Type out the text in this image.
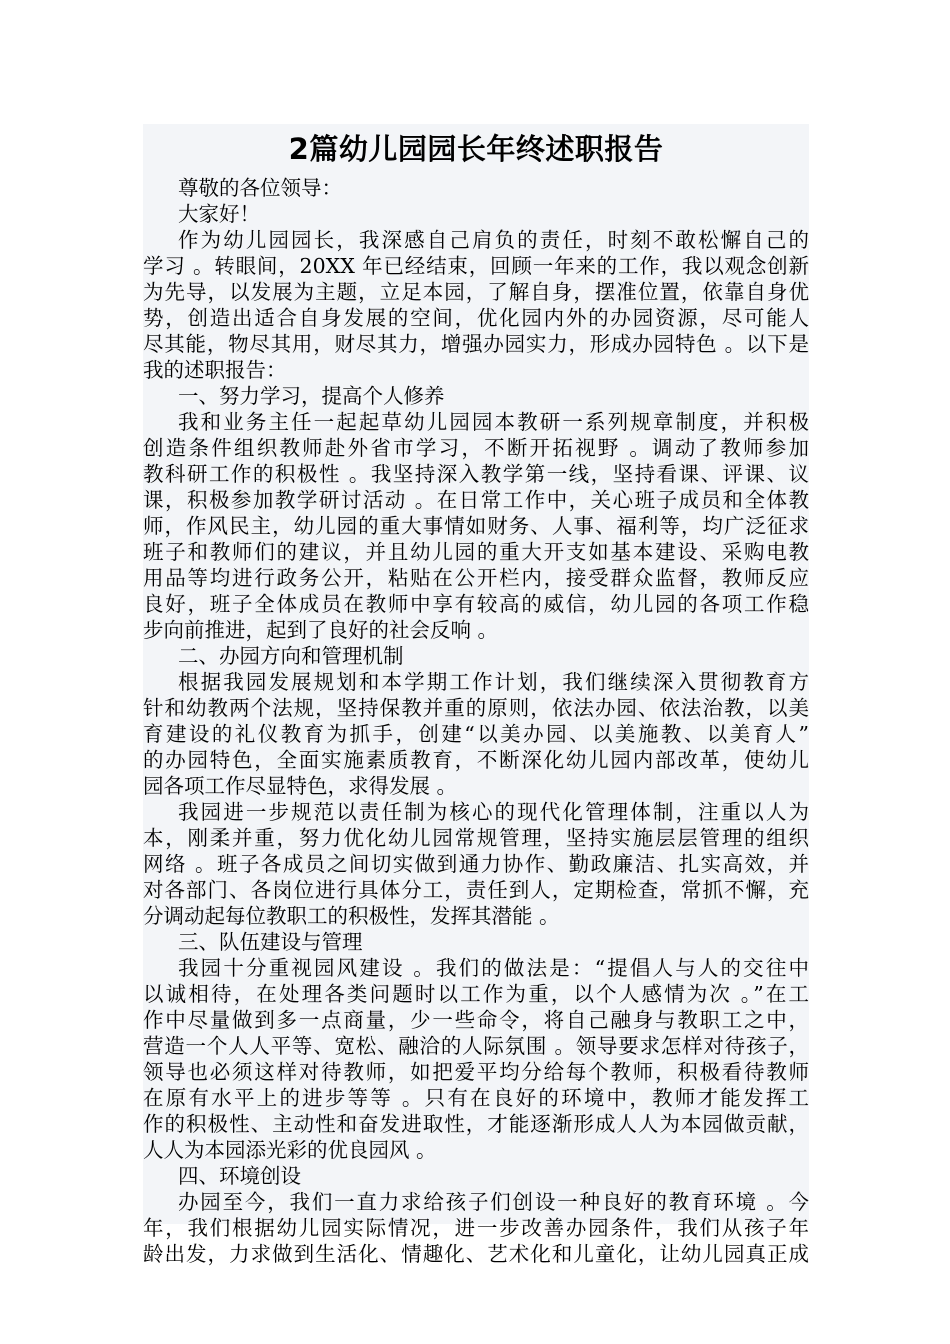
2篇幼儿园园长年终述职报告
尊敬的各位领导：
大家好！
作为幼儿园园长，我深感自己肩负的责任，时刻不敢松懈自己的
学习 。转眼间，20XX 年已经结束，回顾一年来的工作，我以观念创新
为先导，以发展为主题，立足本园，了解自身，摆准位置，依靠自身优
势，创造出适合自身发展的空间，优化园内外的办园资源，尽可能人
尽其能，物尽其用，财尽其力，增强办园实力，形成办园特色 。以下是
我的述职报告：
一、努力学习，提高个人修养
我和业务主任一起起草幼儿园园本教研一系列规章制度，并积极
创造条件组织教师赴外省市学习，不断开拓视野 。调动了教师参加
教科研工作的积极性 。我坚持深入教学第一线，坚持看课、评课、议
课，积极参加教学研讨活动 。在日常工作中，关心班子成员和全体教
师，作风民主，幼儿园的重大事情如财务、人事、福利等，均广泛征求
班子和教师们的建议，并且幼儿园的重大开支如基本建设、采购电教
用品等均进行政务公开，粘贴在公开栏内，接受群众监督，教师反应
良好，班子全体成员在教师中享有较高的威信，幼儿园的各项工作稳
步向前推进，起到了良好的社会反响 。
二、办园方向和管理机制
根据我园发展规划和本学期工作计划，我们继续深入贯彻教育方
针和幼教两个法规，坚持保教并重的原则，依法办园、依法治教，以美
育建设的礼仪教育为抓手，创建“以美办园、以美施教、以美育人”
的办园特色，全面实施素质教育，不断深化幼儿园内部改革，使幼儿
园各项工作尽显特色，求得发展 。
我园进一步规范以责任制为核心的现代化管理体制，注重以人为
本，刚柔并重，努力优化幼儿园常规管理，坚持实施层层管理的组织
网络 。班子各成员之间切实做到通力协作、勤政廉洁、扎实高效，并
对各部门、各岗位进行具体分工，责任到人，定期检查，常抓不懈，充
分调动起每位教职工的积极性，发挥其潜能 。
三、队伍建设与管理
我园十分重视园风建设 。我们的做法是：“提倡人与人的交往中
以诚相待，在处理各类问题时以工作为重，以个人感情为次 。”在工
作中尽量做到多一点商量，少一些命令，将自己融身与教职工之中，
营造一个人人平等、宽松、融洽的人际氛围 。领导要求怎样对待孩子，
领导也必须这样对待教师，如把爱平均分给每个教师，积极看待教师
在原有水平上的进步等等 。只有在良好的环境中，教师才能发挥工
作的积极性、主动性和奋发进取性，才能逐渐形成人人为本园做贡献，
人人为本园添光彩的优良园风 。
四、环境创设
办园至今，我们一直力求给孩子们创设一种良好的教育环境 。今
年，我们根据幼儿园实际情况，进一步改善办园条件，我们从孩子年
龄出发，力求做到生活化、情趣化、艺术化和儿童化，让幼儿园真正成
